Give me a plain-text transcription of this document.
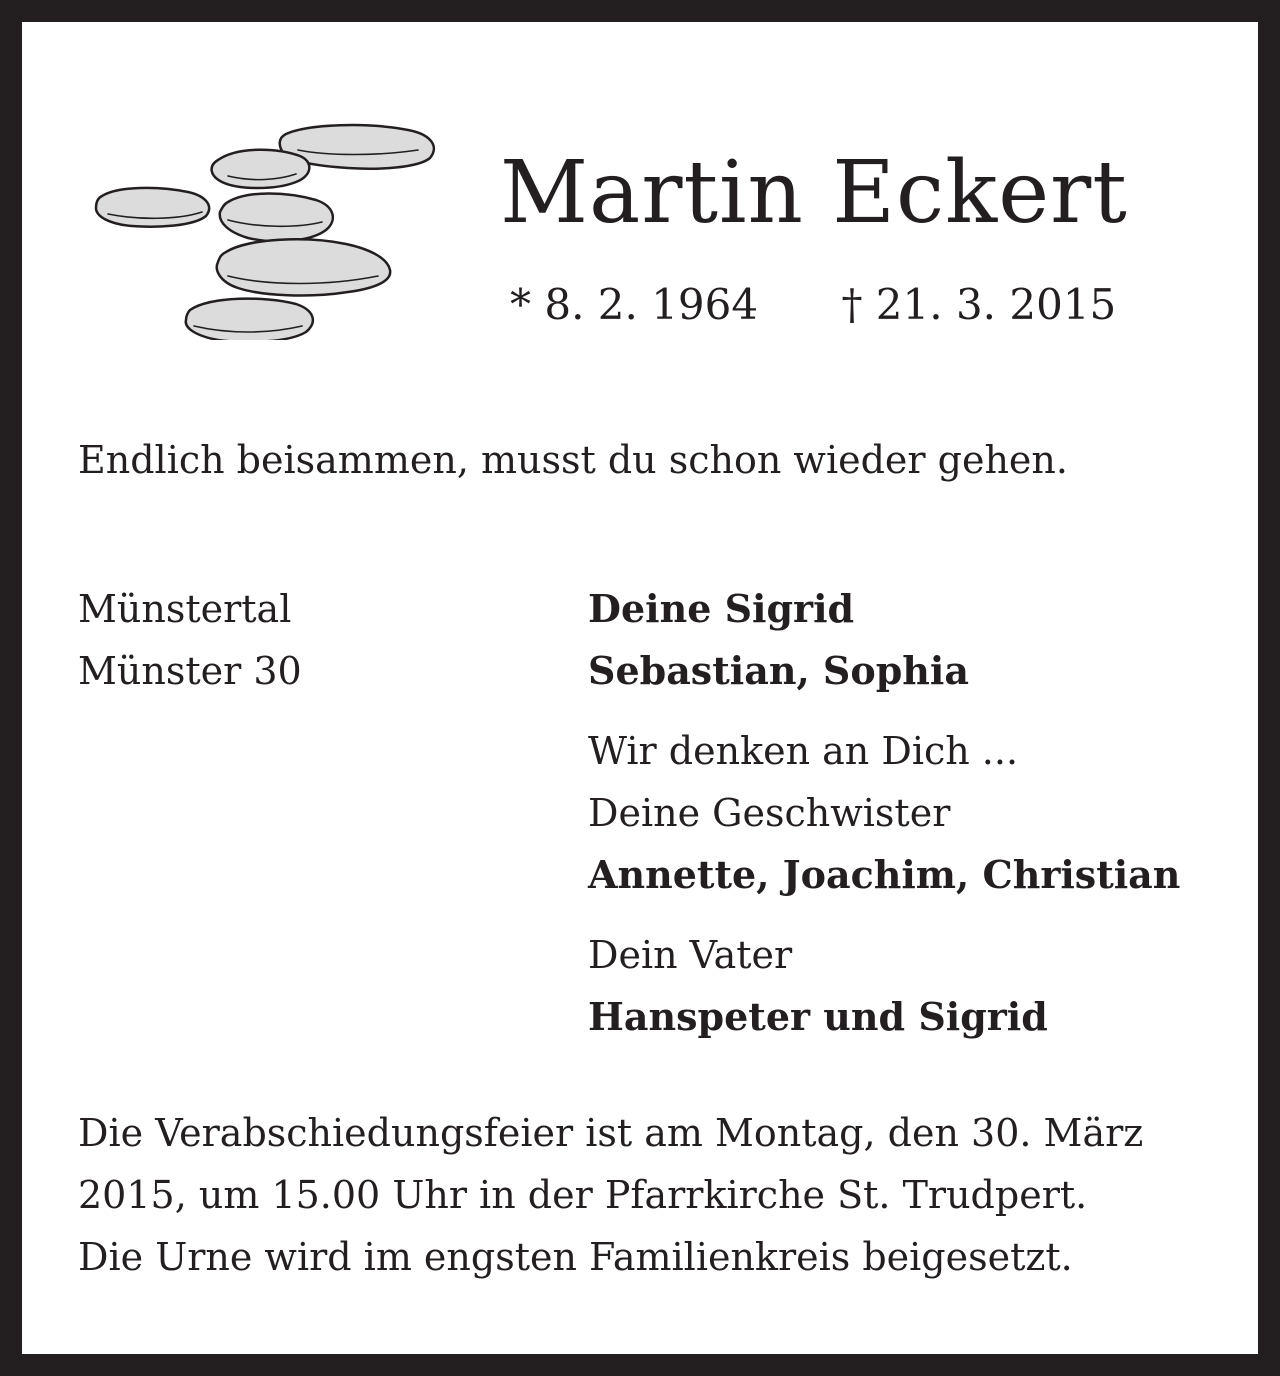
Martin Eckert
* 8. 2. 1964 † 21. 3. 2015
Endlich beisammen, musst du schon wieder gehen.
Münstertal
Münster 30
Deine Sigrid
Sebastian, Sophia
Wir denken an Dich ...
Deine Geschwister
Annette, Joachim, Christian
Dein Vater
Hanspeter und Sigrid
Die Verabschiedungsfeier ist am Montag, den 30. März
2015, um 15.00 Uhr in der Pfarrkirche St. Trudpert.
Die Urne wird im engsten Familienkreis beigesetzt.
